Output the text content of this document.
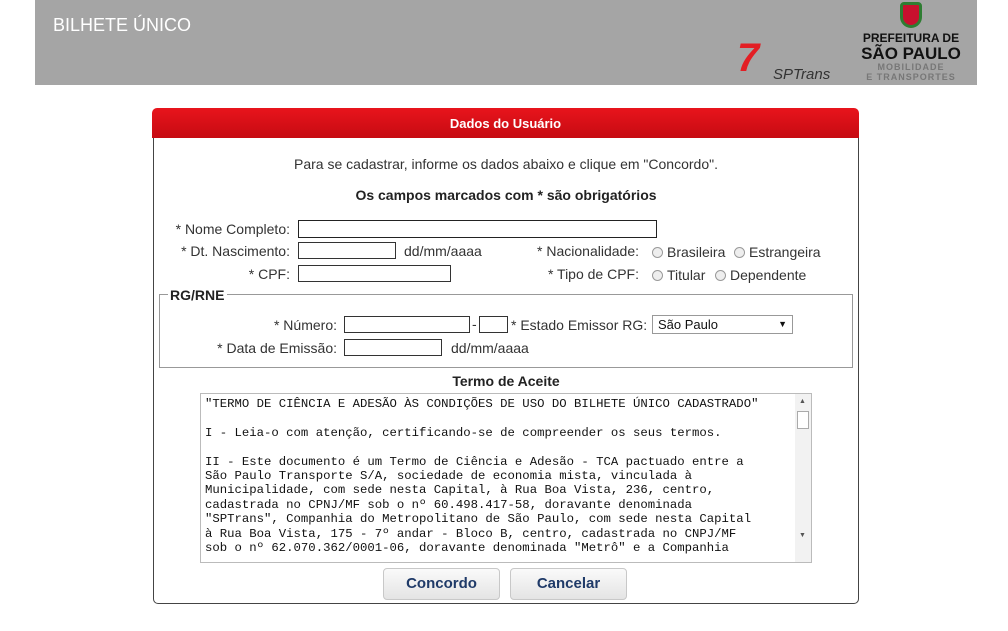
BILHETE ÚNICO
7 SPTrans
PREFEITURA DE
SÃO PAULO
MOBILIDADE
E TRANSPORTES
Dados do Usuário
Para se cadastrar, informe os dados abaixo e clique em "Concordo".
Os campos marcados com * são obrigatórios
* Nome Completo:
* Dt. Nascimento:	dd/mm/aaaa
* CPF:
* Nacionalidade:	Brasileira	Estrangeira
* Tipo de CPF:	Titular	Dependente
RG/RNE
* Número:	- * Estado Emissor RG: São Paulo	▼
* Data de Emissão:	dd/mm/aaaa
Termo de Aceite
"TERMO DE CIÊNCIA E ADESÃO ÀS CONDIÇÕES DE USO DO BILHETE ÚNICO CADASTRADO"

I - Leia-o com atenção, certificando-se de compreender os seus termos.

II - Este documento é um Termo de Ciência e Adesão - TCA pactuado entre a
São Paulo Transporte S/A, sociedade de economia mista, vinculada à
Municipalidade, com sede nesta Capital, à Rua Boa Vista, 236, centro,
cadastrada no CPNJ/MF sob o nº 60.498.417-58, doravante denominada
"SPTrans", Companhia do Metropolitano de São Paulo, com sede nesta Capital
à Rua Boa Vista, 175 - 7º andar - Bloco B, centro, cadastrada no CNPJ/MF
sob o nº 62.070.362/0001-06, doravante denominada "Metrô" e a Companhia
▲
▼
Concordo	Cancelar
